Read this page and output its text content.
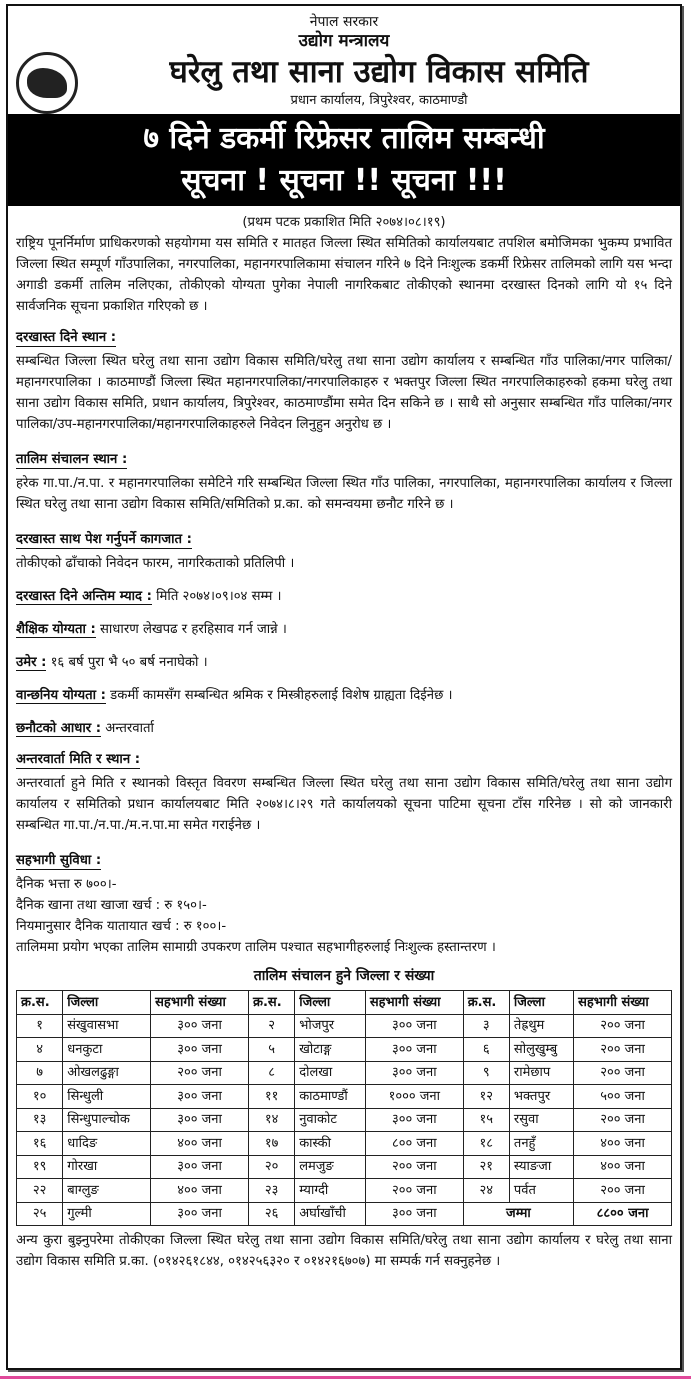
नेपाल सरकार
उद्योग मन्त्रालय
घरेलु तथा साना उद्योग विकास समिति
प्रधान कार्यालय, त्रिपुरेश्वर, काठमाण्डौ
७ दिने डकर्मी रिफ्रेसर तालिम सम्बन्धी
सूचना ! सूचना !! सूचना !!!
(प्रथम पटक प्रकाशित मिति २०७४।०८।१९)

राष्ट्रिय पूनर्निर्माण प्राधिकरणको सहयोगमा यस समिति र मातहत जिल्ला स्थित समितिको कार्यालयबाट तपशिल बमोजिमका भुकम्प प्रभावित जिल्ला स्थित सम्पूर्ण गाँउपालिका, नगरपालिका, महानगरपालिकामा संचालन गरिने ७ दिने निःशुल्क डकर्मी रिफ्रेसर तालिमको लागि यस भन्दा अगाडी डकर्मी तालिम नलिएका, तोकीएको योग्यता पुगेका नेपाली नागरिकबाट तोकीएको स्थानमा दरखास्त दिनको लागि यो १५ दिने सार्वजनिक सूचना प्रकाशित गरिएको छ ।

दरखास्त दिने स्थान :

सम्बन्धित जिल्ला स्थित घरेलु तथा साना उद्योग विकास समिति/घरेलु तथा साना उद्योग कार्यालय र सम्बन्धित गाँउ पालिका/नगर पालिका/महानगरपालिका । काठमाण्डौं जिल्ला स्थित महानगरपालिका/नगरपालिकाहरु र भक्तपुर जिल्ला स्थित नगरपालिकाहरुको हकमा घरेलु तथा साना उद्योग विकास समिति, प्रधान कार्यालय, त्रिपुरेश्वर, काठमाण्डौंमा समेत दिन सकिने छ । साथै सो अनुसार सम्बन्धित गाँउ पालिका/नगर पालिका/उप-महानगरपालिका/महानगरपालिकाहरुले निवेदन लिनुहुन अनुरोध छ ।

तालिम संचालन स्थान :

हरेक गा.पा./न.पा. र महानगरपालिका समेटिने गरि सम्बन्धित जिल्ला स्थित गाँउ पालिका, नगरपालिका, महानगरपालिका कार्यालय र जिल्ला स्थित घरेलु तथा साना उद्योग विकास समिति/समितिको प्र.का. को समन्वयमा छनौट गरिने छ ।

दरखास्त साथ पेश गर्नुपर्ने कागजात :

तोकीएको ढाँचाको निवेदन फारम, नागरिकताको प्रतिलिपी ।

दरखास्त दिने अन्तिम म्याद : मिति २०७४।०९।०४ सम्म ।
शैक्षिक योग्यता : साधारण लेखपढ र हरहिसाव गर्न जान्ने ।
उमेर : १६ बर्ष पुरा भै ५० बर्ष ननाघेको ।
वान्छनिय योग्यता : डकर्मी कामसँग सम्बन्धित श्रमिक र मिस्त्रीहरुलाई विशेष ग्राह्यता दिईनेछ ।
छनौटको आधार : अन्तरवार्ता
अन्तरवार्ता मिति र स्थान :

अन्तरवार्ता हुने मिति र स्थानको विस्तृत विवरण सम्बन्धित जिल्ला स्थित घरेलु तथा साना उद्योग विकास समिति/घरेलु तथा साना उद्योग कार्यालय र समितिको प्रधान कार्यालयबाट मिति २०७४।८।२९ गते कार्यालयको सूचना पाटिमा सूचना टाँस गरिनेछ । सो को जानकारी सम्बन्धित गा.पा./न.पा./म.न.पा.मा समेत गराईनेछ ।

सहभागी सुविधा :
दैनिक भत्ता रु ७००।-
दैनिक खाना तथा खाजा खर्च : रु १५०।-
नियमानुसार दैनिक यातायात खर्च : रु १००।-
तालिममा प्रयोग भएका तालिम सामाग्री उपकरण तालिम पश्चात सहभागीहरुलाई निःशुल्क हस्तान्तरण ।
तालिम संचालन हुने जिल्ला र संख्या
क्र.स.	जिल्ला	सहभागी संख्या	क्र.स.	जिल्ला	सहभागी संख्या	क्र.स.	जिल्ला	सहभागी संख्या
१	संखुवासभा	३०० जना	२	भोजपुर	३०० जना	३	तेह्रथुम	२०० जना
४	धनकुटा	३०० जना	५	खोटाङ्ग	३०० जना	६	सोलुखुम्बु	२०० जना
७	ओखलढुङ्गा	२०० जना	८	दोलखा	३०० जना	९	रामेछाप	२०० जना
१०	सिन्धुली	३०० जना	११	काठमाण्डौं	१००० जना	१२	भक्तपुर	५०० जना
१३	सिन्धुपाल्चोक	३०० जना	१४	नुवाकोट	३०० जना	१५	रसुवा	२०० जना
१६	धादिङ	४०० जना	१७	कास्की	८०० जना	१८	तनहुँ	४०० जना
१९	गोरखा	३०० जना	२०	लमजुङ	२०० जना	२१	स्याङजा	४०० जना
२२	बाग्लुङ	४०० जना	२३	म्याग्दी	२०० जना	२४	पर्वत	२०० जना
२५	गुल्मी	३०० जना	२६	अर्घाखाँची	३०० जना	जम्मा		८८०० जना

अन्य कुरा बुझ्नुपरेमा तोकीएका जिल्ला स्थित घरेलु तथा साना उद्योग विकास समिति/घरेलु तथा साना उद्योग कार्यालय र घरेलु तथा साना उद्योग विकास समिति प्र.का. (०१४२६१८४४, ०१४२५६३२० र ०१४२१६७०७) मा सम्पर्क गर्न सक्नुहनेछ ।
